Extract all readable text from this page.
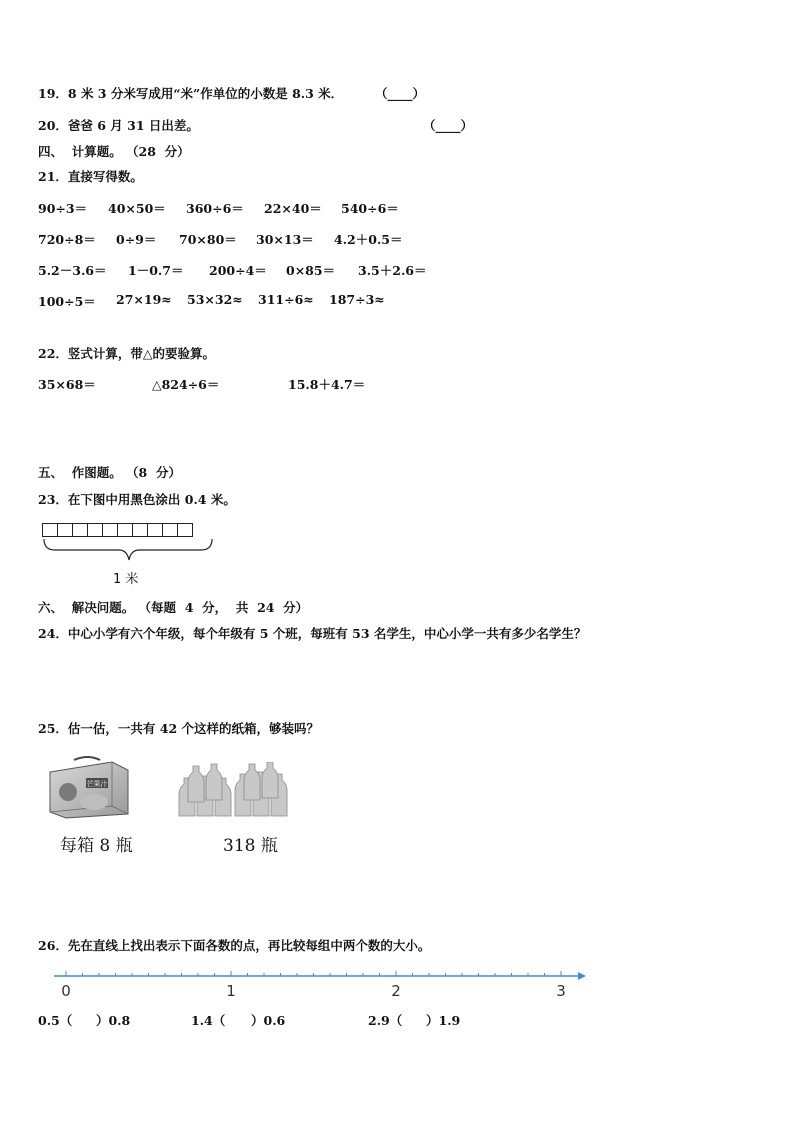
19．8 米 3 分米写成用“米”作单位的小数是 8.3 米．	（____）
20．爸爸 6 月 31 日出差。	（____）
四、  计算题。 （28  分）
21．直接写得数。
90÷3＝ 40×50＝ 360÷6＝ 22×40＝ 540÷6＝
720÷8＝ 0÷9＝ 70×80＝ 30×13＝ 4.2＋0.5＝
5.2－3.6＝ 1－0.7＝ 200÷4＝ 0×85＝ 3.5＋2.6＝
100÷5＝ 27×19≈ 53×32≈ 311÷6≈ 187÷3≈
22．竖式计算，带△的要验算。
35×68＝	△824÷6＝	15.8＋4.7＝
五、  作图题。 （8  分）
23．在下图中用黑色涂出 0.4 米。
1 米
六、  解决问题。 （每题  4  分，  共  24  分）
24．中心小学有六个年级，每个年级有 5 个班，每班有 53 名学生，中心小学一共有多少名学生？
25．估一估，一共有 42 个这样的纸箱，够装吗？
芒果汁
每箱 8 瓶	318 瓶
26．先在直线上找出表示下面各数的点，再比较每组中两个数的大小。
0	1	2	3
0.5（ ）0.8	1.4（ ）0.6	2.9（ ）1.9
